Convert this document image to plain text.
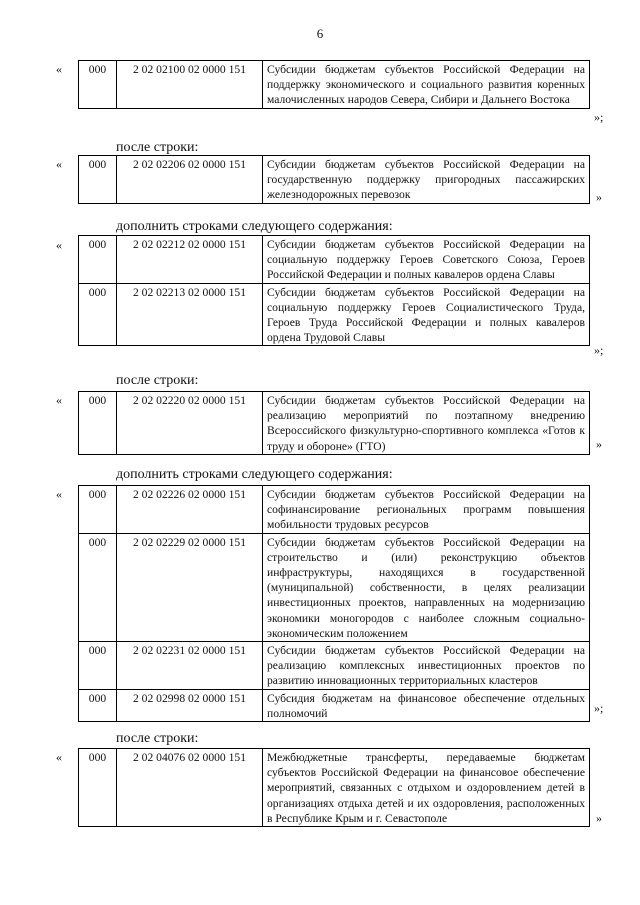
6
« 000	2 02 02100 02 0000 151	Субсидии бюджетам субъектов Российской Федерации на поддержку экономического и социального развития коренных малочисленных народов Севера, Сибири и Дальнего Востока
»;
после строки:
« 000	2 02 02206 02 0000 151	Субсидии бюджетам субъектов Российской Федерации на государственную поддержку пригородных пассажирских железнодорожных перевозок	»
дополнить строками следующего содержания:
« 000	2 02 02212 02 0000 151	Субсидии бюджетам субъектов Российской Федерации на социальную поддержку Героев Советского Союза, Героев Российской Федерации и полных кавалеров ордена Славы
000	2 02 02213 02 0000 151	Субсидии бюджетам субъектов Российской Федерации на социальную поддержку Героев Социалистического Труда, Героев Труда Российской Федерации и полных кавалеров ордена Трудовой Славы
»;
после строки:
« 000	2 02 02220 02 0000 151	Субсидии бюджетам субъектов Российской Федерации на реализацию мероприятий по поэтапному внедрению Всероссийского физкультурно-спортивного комплекса «Готов к труду и обороне» (ГТО)	»
дополнить строками следующего содержания:
« 000	2 02 02226 02 0000 151	Субсидии бюджетам субъектов Российской Федерации на софинансирование региональных программ повышения мобильности трудовых ресурсов
000	2 02 02229 02 0000 151	Субсидии бюджетам субъектов Российской Федерации на строительство и (или) реконструкцию объектов инфраструктуры, находящихся в государственной (муниципальной) собственности, в целях реализации инвестиционных проектов, направленных на модернизацию экономики моногородов с наиболее сложным социально-экономическим положением
000	2 02 02231 02 0000 151	Субсидии бюджетам субъектов Российской Федерации на реализацию комплексных инвестиционных проектов по развитию инновационных территориальных кластеров
000	2 02 02998 02 0000 151	Субсидия бюджетам на финансовое обеспечение отдельных полномочий	»;
после строки:
« 000	2 02 04076 02 0000 151	Межбюджетные трансферты, передаваемые бюджетам субъектов Российской Федерации на финансовое обеспечение мероприятий, связанных с отдыхом и оздоровлением детей в организациях отдыха детей и их оздоровления, расположенных в Республике Крым и г. Севастополе	»
